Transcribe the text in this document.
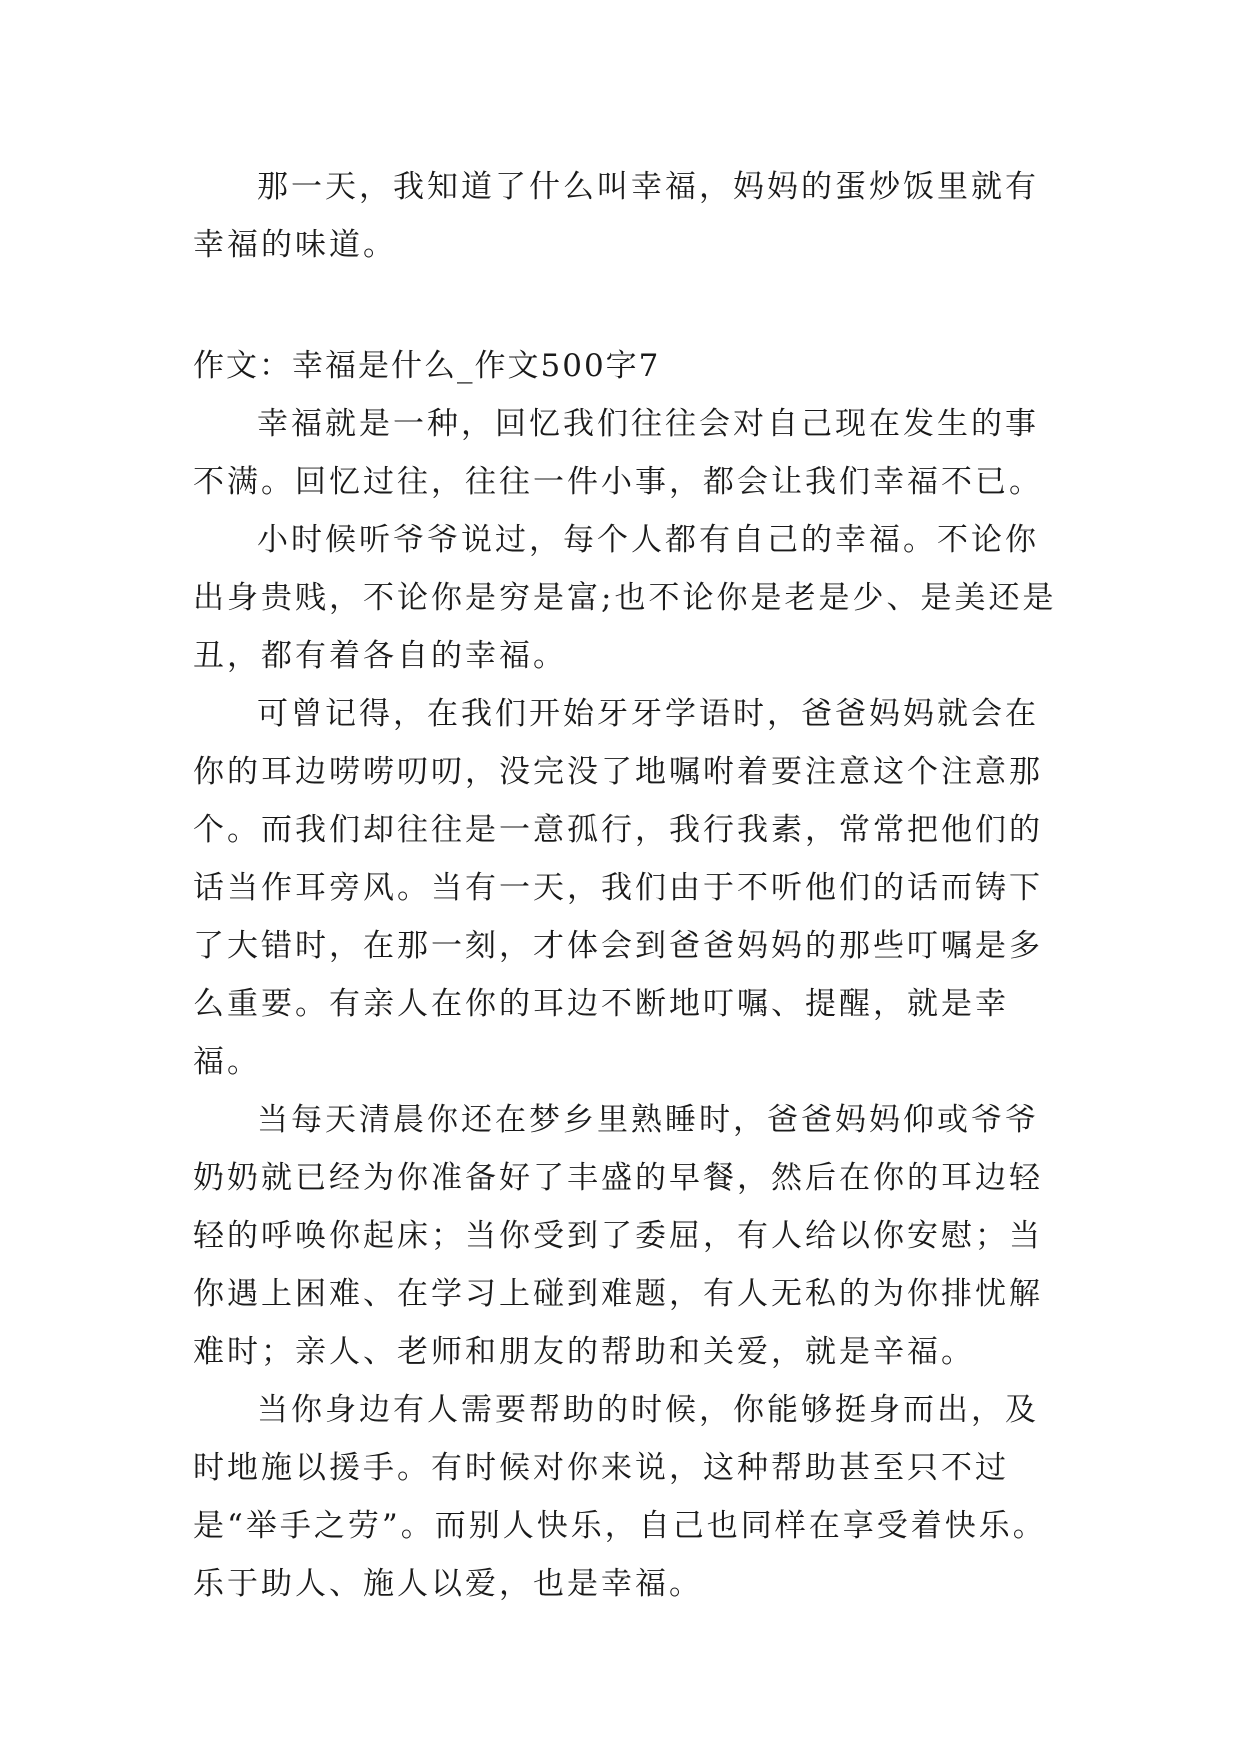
那一天，我知道了什么叫幸福，妈妈的蛋炒饭里就有幸福的味道。

作文：幸福是什么_作文500字7

幸福就是一种，回忆我们往往会对自己现在发生的事不满。回忆过往，往往一件小事，都会让我们幸福不已。

小时候听爷爷说过，每个人都有自己的幸福。不论你出身贵贱，不论你是穷是富;也不论你是老是少、是美还是丑，都有着各自的幸福。

可曾记得，在我们开始牙牙学语时，爸爸妈妈就会在你的耳边唠唠叨叨，没完没了地嘱咐着要注意这个注意那个。而我们却往往是一意孤行，我行我素，常常把他们的话当作耳旁风。当有一天，我们由于不听他们的话而铸下了大错时，在那一刻，才体会到爸爸妈妈的那些叮嘱是多么重要。有亲人在你的耳边不断地叮嘱、提醒，就是幸福。

当每天清晨你还在梦乡里熟睡时，爸爸妈妈仰或爷爷奶奶就已经为你准备好了丰盛的早餐，然后在你的耳边轻轻的呼唤你起床；当你受到了委屈，有人给以你安慰；当你遇上困难、在学习上碰到难题，有人无私的为你排忧解难时；亲人、老师和朋友的帮助和关爱，就是辛福。

当你身边有人需要帮助的时候，你能够挺身而出，及时地施以援手。有时候对你来说，这种帮助甚至只不过是“举手之劳”。而别人快乐，自己也同样在享受着快乐。乐于助人、施人以爱，也是幸福。
